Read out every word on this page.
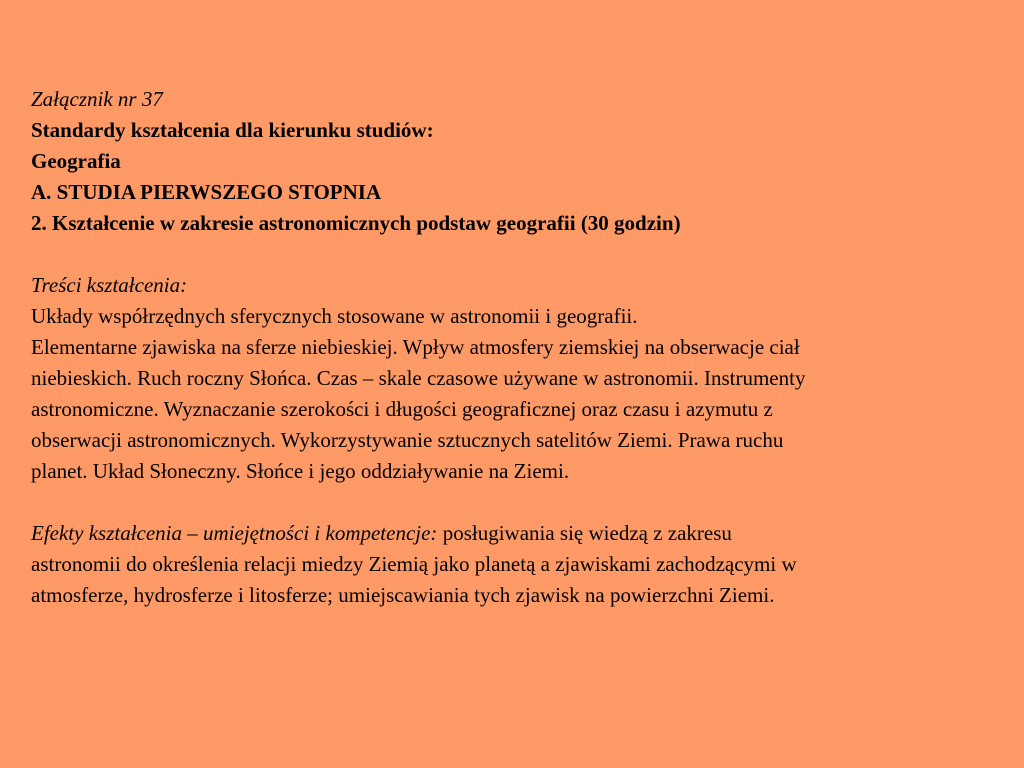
Załącznik nr 37
Standardy kształcenia dla kierunku studiów:
Geografia
A. STUDIA PIERWSZEGO STOPNIA
2. Kształcenie w zakresie astronomicznych podstaw geografii (30 godzin)
Treści kształcenia:
Układy współrzędnych sferycznych stosowane w astronomii i geografii.
Elementarne zjawiska na sferze niebieskiej. Wpływ atmosfery ziemskiej na obserwacje ciał
niebieskich. Ruch roczny Słońca. Czas – skale czasowe używane w astronomii. Instrumenty
astronomiczne. Wyznaczanie szerokości i długości geograficznej oraz czasu i azymutu z
obserwacji astronomicznych. Wykorzystywanie sztucznych satelitów Ziemi. Prawa ruchu
planet. Układ Słoneczny. Słońce i jego oddziaływanie na Ziemi.
Efekty kształcenia – umiejętności i kompetencje: posługiwania się wiedzą z zakresu
astronomii do określenia relacji miedzy Ziemią jako planetą a zjawiskami zachodzącymi w
atmosferze, hydrosferze i litosferze; umiejscawiania tych zjawisk na powierzchni Ziemi.
